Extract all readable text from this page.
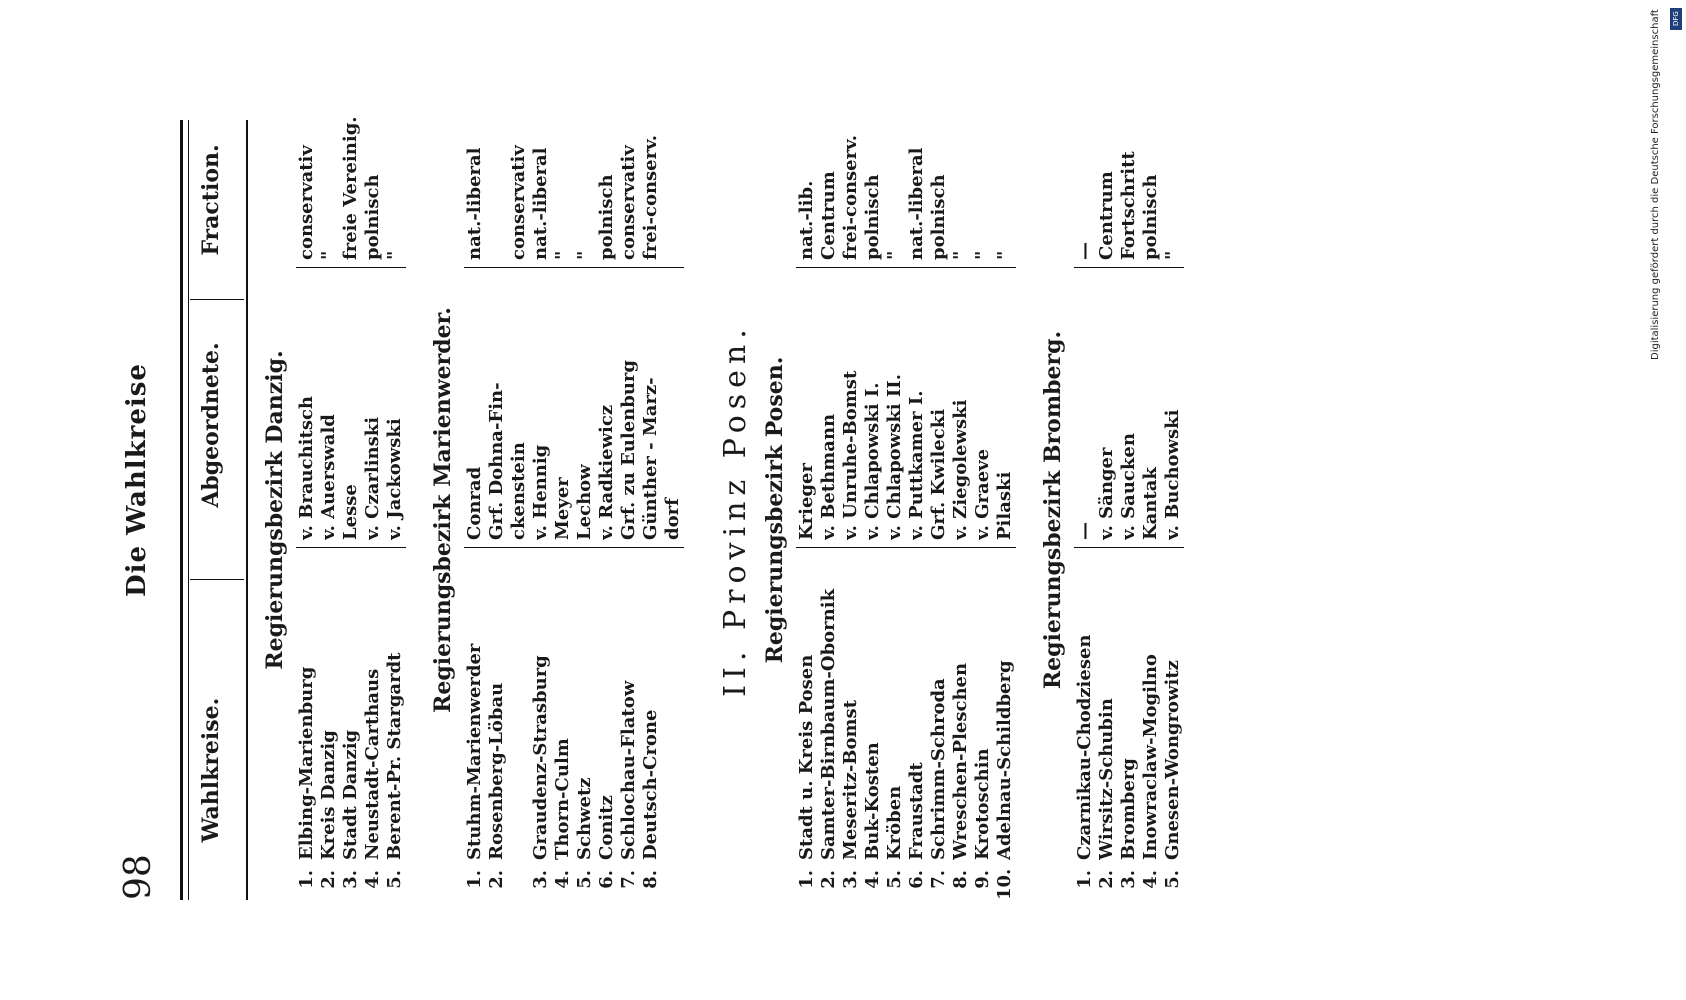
98
Die Wahlkreise
Wahlkreise.
Abgeordnete.
Fraction.
Regierungsbezirk Danzig.
1.
Elbing-Marienburg
v. Brauchitsch
conservativ
2.
Kreis Danzig
v. Auerswald
"
3.
Stadt Danzig
Lesse
freie Vereinig.
4.
Neustadt-Carthaus
v. Czarlinski
polnisch
5.
Berent-Pr. Stargardt
v. Jackowski
"
Regierungsbezirk Marienwerder.
1.
Stuhm-Marienwerder
Conrad
nat.-liberal
2.
Rosenberg-Löbau
Grf. Dohna-Fin- ckenstein
conservativ
3.
Graudenz-Strasburg
v. Hennig
nat.-liberal
4.
Thorn-Culm
Meyer
"
5.
Schwetz
Lechow
"
6.
Conitz
v. Radkiewicz
polnisch
7.
Schlochau-Flatow
Grf. zu Eulenburg
conservativ
8.
Deutsch-Crone
Günther - Marz-
frei-conserv.
dorf II. Provinz Posen. Regierungsbezirk Posen.
1.
Stadt u. Kreis Posen
Krieger
nat.-lib.
2.
Samter-Birnbaum-Obornik
v. Bethmann
Centrum
3.
Meseritz-Bomst
v. Unruhe-Bomst
frei-conserv.
4.
Buk-Kosten
v. Chlapowski I.
polnisch
5.
Kröben
v. Chlapowski II.
"
6.
Fraustadt
v. Puttkamer I.
nat.-liberal
7.
Schrimm-Schroda
Grf. Kwilecki
polnisch
8.
Wreschen-Pleschen
v. Ziegolewski
"
9.
Krotoschin
v. Graeve
"
10.
Adelnau-Schildberg
Pilaski
"
Regierungsbezirk Bromberg.
1.
Czarnikau-Chodziesen
—
—
2.
Wirsitz-Schubin
v. Sänger
Centrum
3.
Bromberg
v. Saucken
Fortschritt
4.
Inowraclaw-Mogilno
Kantak
polnisch
5.
Gnesen-Wongrowitz
v. Buchowski
"
DFG
Digitalisierung gefördert durch die Deutsche Forschungsgemeinschaft
